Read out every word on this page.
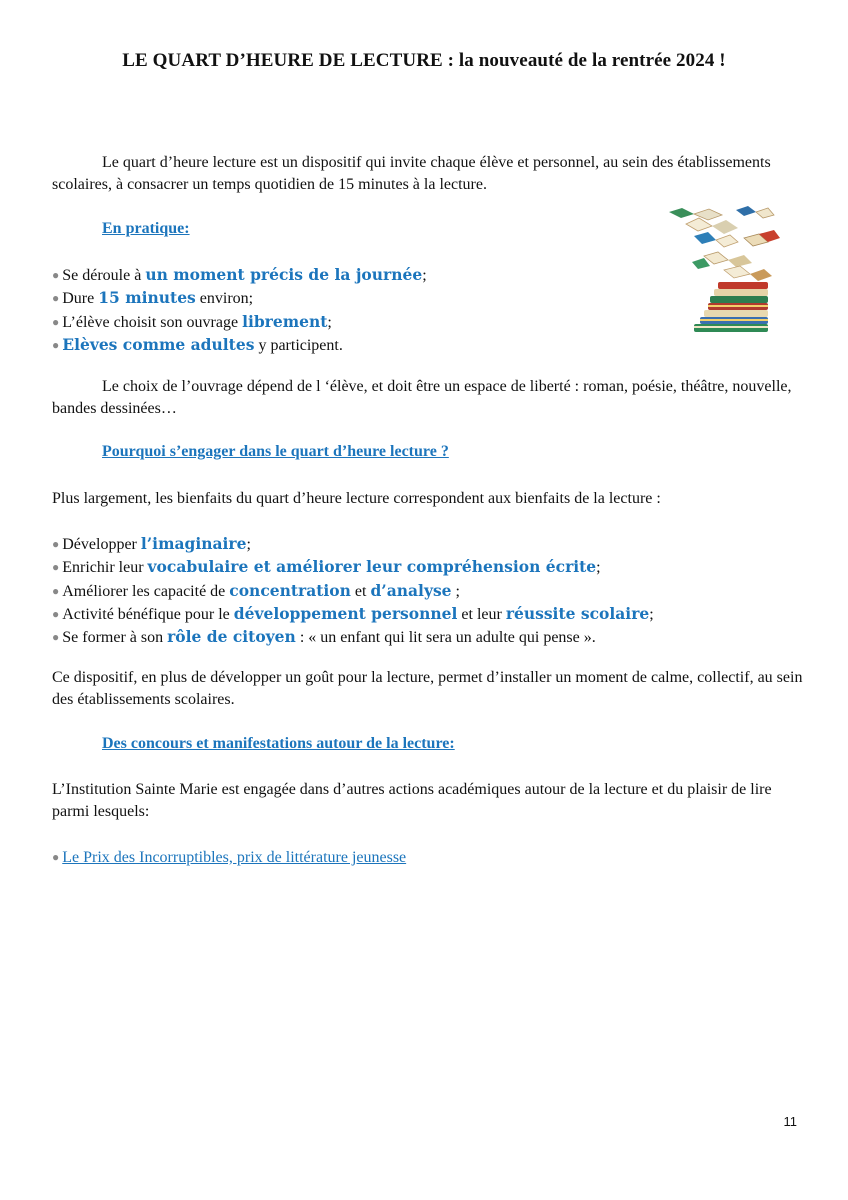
LE QUART D’HEURE DE LECTURE : la nouveauté de la rentrée 2024 !
Le quart d’heure lecture est un dispositif qui invite chaque élève et personnel, au sein des établissements scolaires, à consacrer un temps quotidien de 15 minutes à la lecture.
En pratique:
● Se déroule à un moment précis de la journée;
● Dure 15 minutes environ;
● L’élève choisit son ouvrage librement;
● Elèves comme adultes y participent.
Le choix de l’ouvrage dépend de l ‘élève, et doit être un espace de liberté : roman, poésie, théâtre, nouvelle, bandes dessinées…
Pourquoi s’engager dans le quart d’heure lecture ?
Plus largement, les bienfaits du quart d’heure lecture correspondent aux bienfaits de la lecture :
● Développer l’imaginaire;
● Enrichir leur vocabulaire et améliorer leur compréhension écrite;
● Améliorer les capacité de concentration et d’analyse ;
● Activité bénéfique pour le développement personnel et leur réussite scolaire;
● Se former à son rôle de citoyen : « un enfant qui lit sera un adulte qui pense ».
Ce dispositif, en plus de développer un goût pour la lecture, permet d’installer un moment de calme, collectif, au sein des établissements scolaires.
Des concours et manifestations autour de la lecture:
L’Institution Sainte Marie est engagée dans d’autres actions académiques autour de la lecture et du plaisir de lire parmi lesquels:
● Le Prix des Incorruptibles, prix de littérature jeunesse
11
